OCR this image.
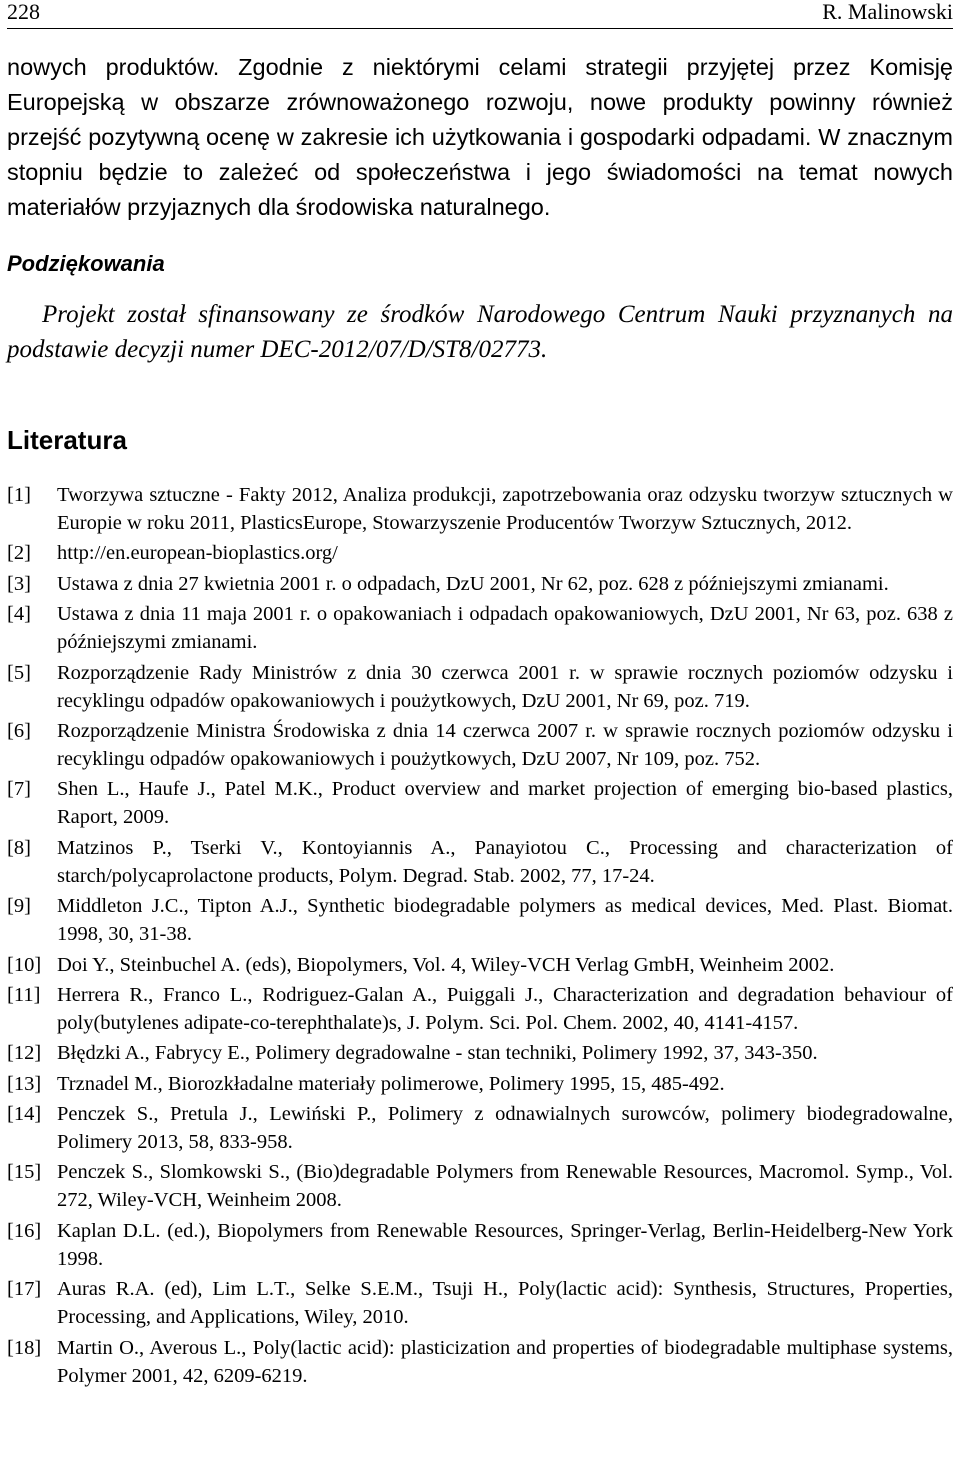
228	R. Malinowski
nowych produktów. Zgodnie z niektórymi celami strategii przyjętej przez Komisję Europejską w obszarze zrównoważonego rozwoju, nowe produkty powinny również przejść pozytywną ocenę w zakresie ich użytkowania i gospodarki odpadami. W znacznym stopniu będzie to zależeć od społeczeństwa i jego świadomości na temat nowych materiałów przyjaznych dla środowiska naturalnego.
Podziękowania
Projekt został sfinansowany ze środków Narodowego Centrum Nauki przyznanych na podstawie decyzji numer DEC-2012/07/D/ST8/02773.
Literatura
[1]	Tworzywa sztuczne - Fakty 2012, Analiza produkcji, zapotrzebowania oraz odzysku tworzyw sztucznych w Europie w roku 2011, PlasticsEurope, Stowarzyszenie Producentów Tworzyw Sztucznych, 2012.
[2]	http://en.european-bioplastics.org/
[3]	Ustawa z dnia 27 kwietnia 2001 r. o odpadach, DzU 2001, Nr 62, poz. 628 z późniejszymi zmianami.
[4]	Ustawa z dnia 11 maja 2001 r. o opakowaniach i odpadach opakowaniowych, DzU 2001, Nr 63, poz. 638 z późniejszymi zmianami.
[5]	Rozporządzenie Rady Ministrów z dnia 30 czerwca 2001 r. w sprawie rocznych poziomów odzysku i recyklingu odpadów opakowaniowych i poużytkowych, DzU 2001, Nr 69, poz. 719.
[6]	Rozporządzenie Ministra Środowiska z dnia 14 czerwca 2007 r. w sprawie rocznych poziomów odzysku i recyklingu odpadów opakowaniowych i poużytkowych, DzU 2007, Nr 109, poz. 752.
[7]	Shen L., Haufe J., Patel M.K., Product overview and market projection of emerging bio-based plastics, Raport, 2009.
[8]	Matzinos P., Tserki V., Kontoyiannis A., Panayiotou C., Processing and characterization of starch/polycaprolactone products, Polym. Degrad. Stab. 2002, 77, 17-24.
[9]	Middleton J.C., Tipton A.J., Synthetic biodegradable polymers as medical devices, Med. Plast. Biomat. 1998, 30, 31-38.
[10] Doi Y., Steinbuchel A. (eds), Biopolymers, Vol. 4, Wiley-VCH Verlag GmbH, Weinheim 2002.
[11] Herrera R., Franco L., Rodriguez-Galan A., Puiggali J., Characterization and degradation behaviour of poly(butylenes adipate-co-terephthalate)s, J. Polym. Sci. Pol. Chem. 2002, 40, 4141-4157.
[12] Błędzki A., Fabrycy E., Polimery degradowalne - stan techniki, Polimery 1992, 37, 343-350.
[13] Trznadel M., Biorozkładalne materiały polimerowe, Polimery 1995, 15, 485-492.
[14] Penczek S., Pretula J., Lewiński P., Polimery z odnawialnych surowców, polimery biodegradowalne, Polimery 2013, 58, 833-958.
[15] Penczek S., Slomkowski S., (Bio)degradable Polymers from Renewable Resources, Macromol. Symp., Vol. 272, Wiley-VCH, Weinheim 2008.
[16] Kaplan D.L. (ed.), Biopolymers from Renewable Resources, Springer-Verlag, Berlin-Heidelberg-New York 1998.
[17] Auras R.A. (ed), Lim L.T., Selke S.E.M., Tsuji H., Poly(lactic acid): Synthesis, Structures, Properties, Processing, and Applications, Wiley, 2010.
[18] Martin O., Averous L., Poly(lactic acid): plasticization and properties of biodegradable multiphase systems, Polymer 2001, 42, 6209-6219.
